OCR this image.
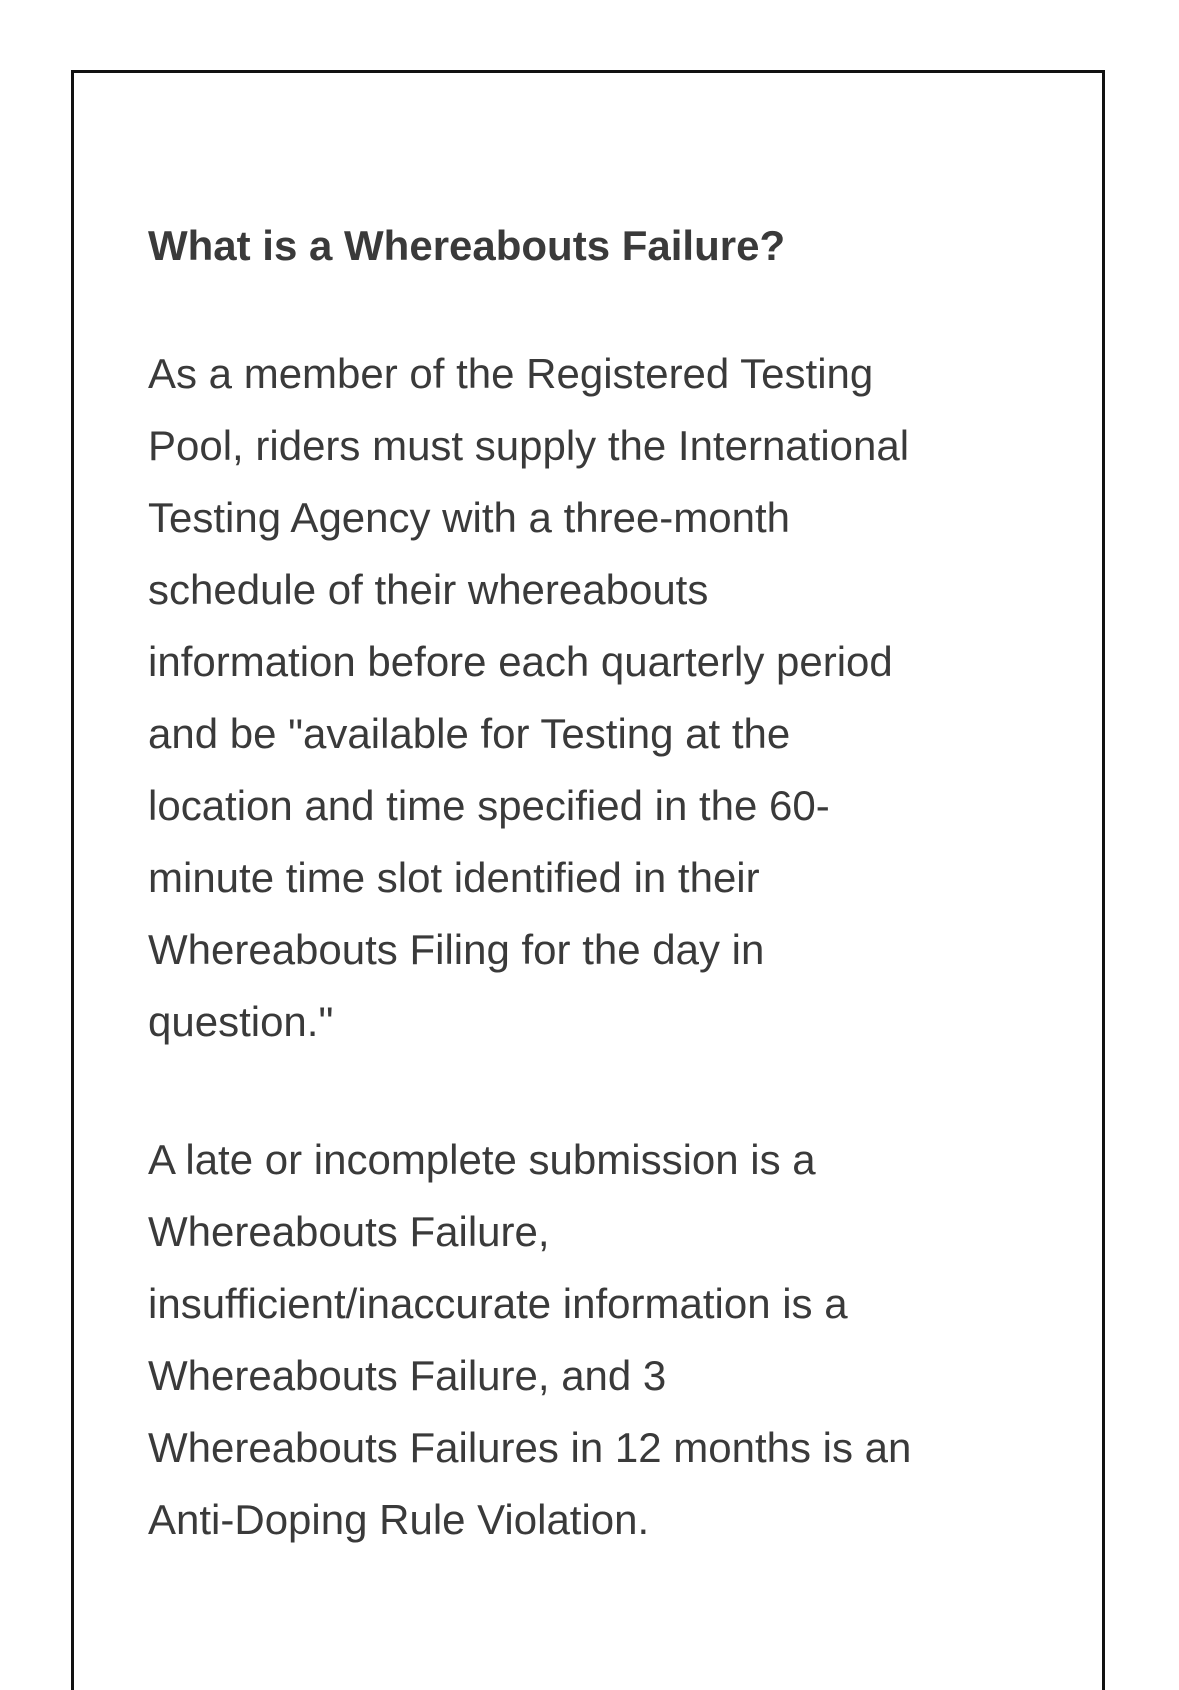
What is a Whereabouts Failure?

As a member of the Registered Testing
Pool, riders must supply the International
Testing Agency with a three-month
schedule of their whereabouts
information before each quarterly period
and be "available for Testing at the
location and time specified in the 60-
minute time slot identified in their
Whereabouts Filing for the day in
question."

A late or incomplete submission is a
Whereabouts Failure,
insufficient/inaccurate information is a
Whereabouts Failure, and 3
Whereabouts Failures in 12 months is an
Anti-Doping Rule Violation.
